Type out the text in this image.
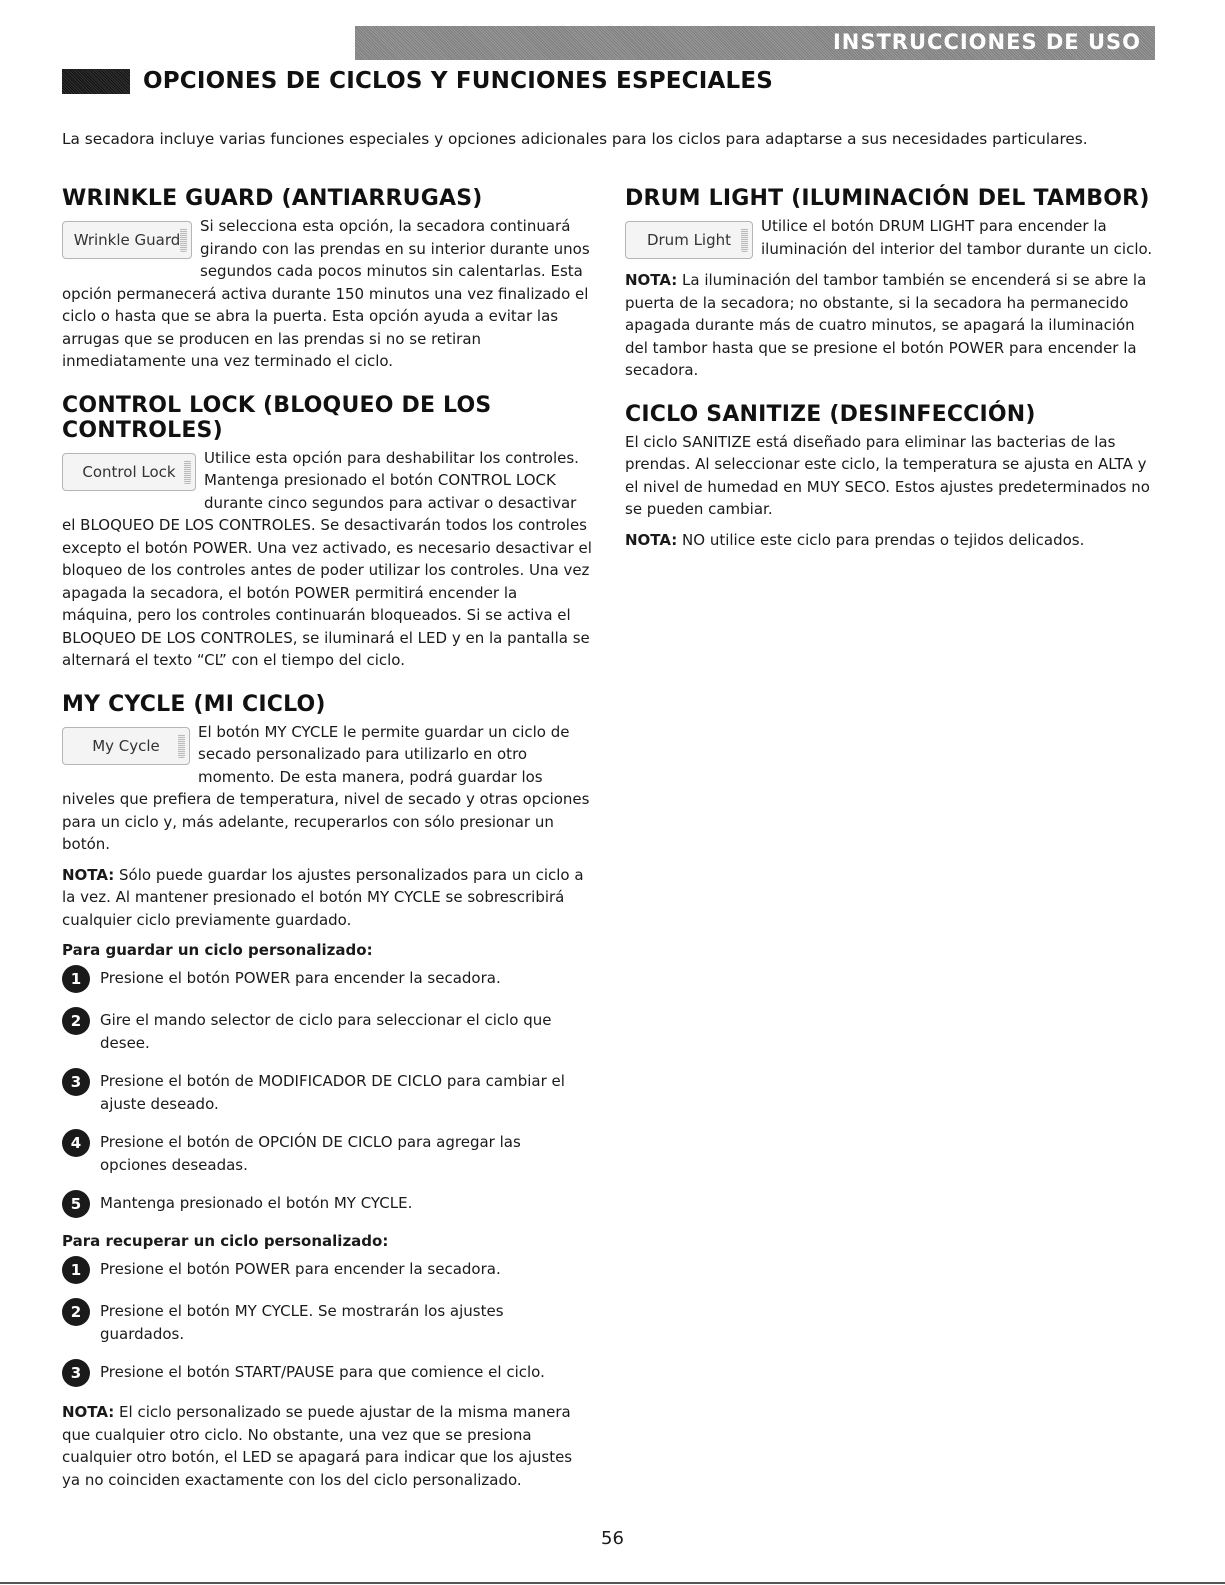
INSTRUCCIONES DE USO
OPCIONES DE CICLOS Y FUNCIONES ESPECIALES

La secadora incluye varias funciones especiales y opciones adicionales para los ciclos para adaptarse a sus necesidades particulares.

WRINKLE GUARD (ANTIARRUGAS)
Wrinkle Guard

Si selecciona esta opción, la secadora continuará girando con las prendas en su interior durante unos segundos cada pocos minutos sin calentarlas. Esta opción permanecerá activa durante 150 minutos una vez finalizado el ciclo o hasta que se abra la puerta. Esta opción ayuda a evitar las arrugas que se producen en las prendas si no se retiran inmediatamente una vez terminado el ciclo.

CONTROL LOCK (BLOQUEO DE LOS CONTROLES)
Control Lock

Utilice esta opción para deshabilitar los controles. Mantenga presionado el botón CONTROL LOCK durante cinco segundos para activar o desactivar el BLOQUEO DE LOS CONTROLES. Se desactivarán todos los controles excepto el botón POWER. Una vez activado, es necesario desactivar el bloqueo de los controles antes de poder utilizar los controles. Una vez apagada la secadora, el botón POWER permitirá encender la máquina, pero los controles continuarán bloqueados. Si se activa el BLOQUEO DE LOS CONTROLES, se iluminará el LED y en la pantalla se alternará el texto “CL” con el tiempo del ciclo.

MY CYCLE (MI CICLO)
My Cycle

El botón MY CYCLE le permite guardar un ciclo de secado personalizado para utilizarlo en otro momento. De esta manera, podrá guardar los niveles que prefiera de temperatura, nivel de secado y otras opciones para un ciclo y, más adelante, recuperarlos con sólo presionar un botón.

NOTA: Sólo puede guardar los ajustes personalizados para un ciclo a la vez. Al mantener presionado el botón MY CYCLE se sobrescribirá cualquier ciclo previamente guardado.

Para guardar un ciclo personalizado:
1	Presione el botón POWER para encender la secadora.
2	Gire el mando selector de ciclo para seleccionar el ciclo que desee.
3	Presione el botón de MODIFICADOR DE CICLO para cambiar el ajuste deseado.
4	Presione el botón de OPCIÓN DE CICLO para agregar las opciones deseadas.
5	Mantenga presionado el botón MY CYCLE.
Para recuperar un ciclo personalizado:
1	Presione el botón POWER para encender la secadora.
2	Presione el botón MY CYCLE. Se mostrarán los ajustes guardados.
3	Presione el botón START/PAUSE para que comience el ciclo.

NOTA: El ciclo personalizado se puede ajustar de la misma manera que cualquier otro ciclo. No obstante, una vez que se presiona cualquier otro botón, el LED se apagará para indicar que los ajustes ya no coinciden exactamente con los del ciclo personalizado.

DRUM LIGHT (ILUMINACIÓN DEL TAMBOR)
Drum Light

Utilice el botón DRUM LIGHT para encender la iluminación del interior del tambor durante un ciclo.

NOTA: La iluminación del tambor también se encenderá si se abre la puerta de la secadora; no obstante, si la secadora ha permanecido apagada durante más de cuatro minutos, se apagará la iluminación del tambor hasta que se presione el botón POWER para encender la secadora.

CICLO SANITIZE (DESINFECCIÓN)

El ciclo SANITIZE está diseñado para eliminar las bacterias de las prendas. Al seleccionar este ciclo, la temperatura se ajusta en ALTA y el nivel de humedad en MUY SECO. Estos ajustes predeterminados no se pueden cambiar.

NOTA: NO utilice este ciclo para prendas o tejidos delicados.

56
